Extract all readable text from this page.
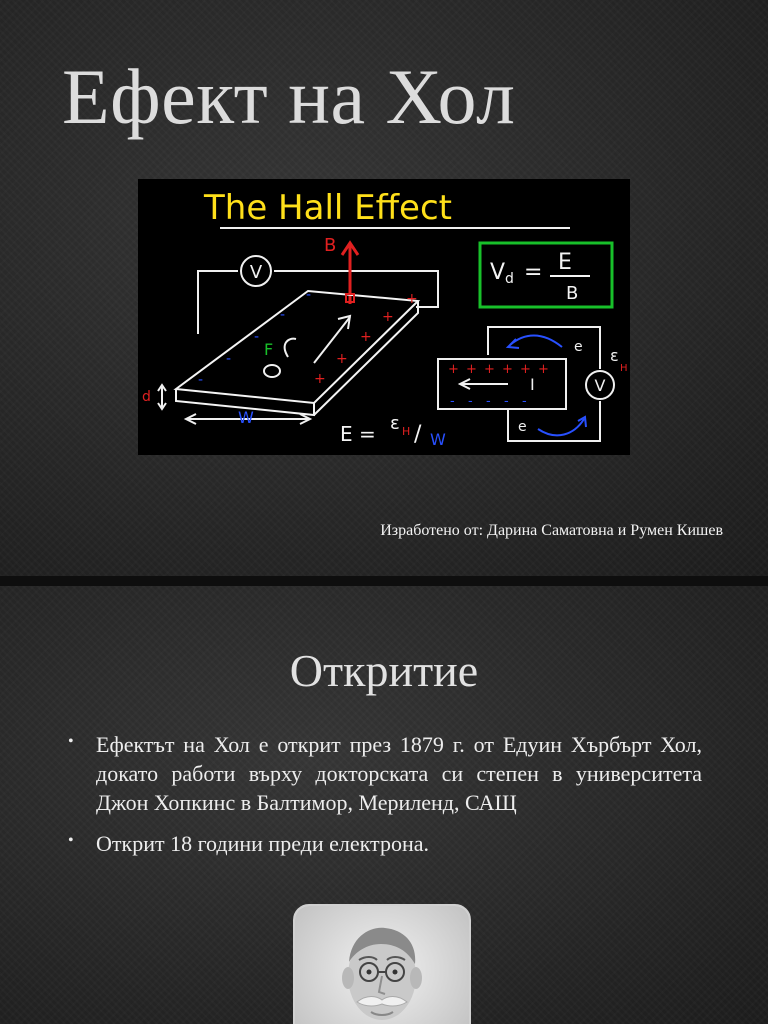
Ефект на Хол
The Hall Effect
V d = E
B
V
B
-
-
-
-
-	+
+
+
+
+
F
d
W
E = ε H / W
+ + + + + +
- - - - -
I
e
e
V
ε
H

Изработено от: Дарина Саматовна и Румен Кишев

Откритие
• Ефектът на Хол е открит през 1879 г. от Едуин Хърбърт Хол, докато работи върху докторската си степен в университета Джон Хопкинс в Балтимор, Мериленд, САЩ
• Открит 18 години преди електрона.
